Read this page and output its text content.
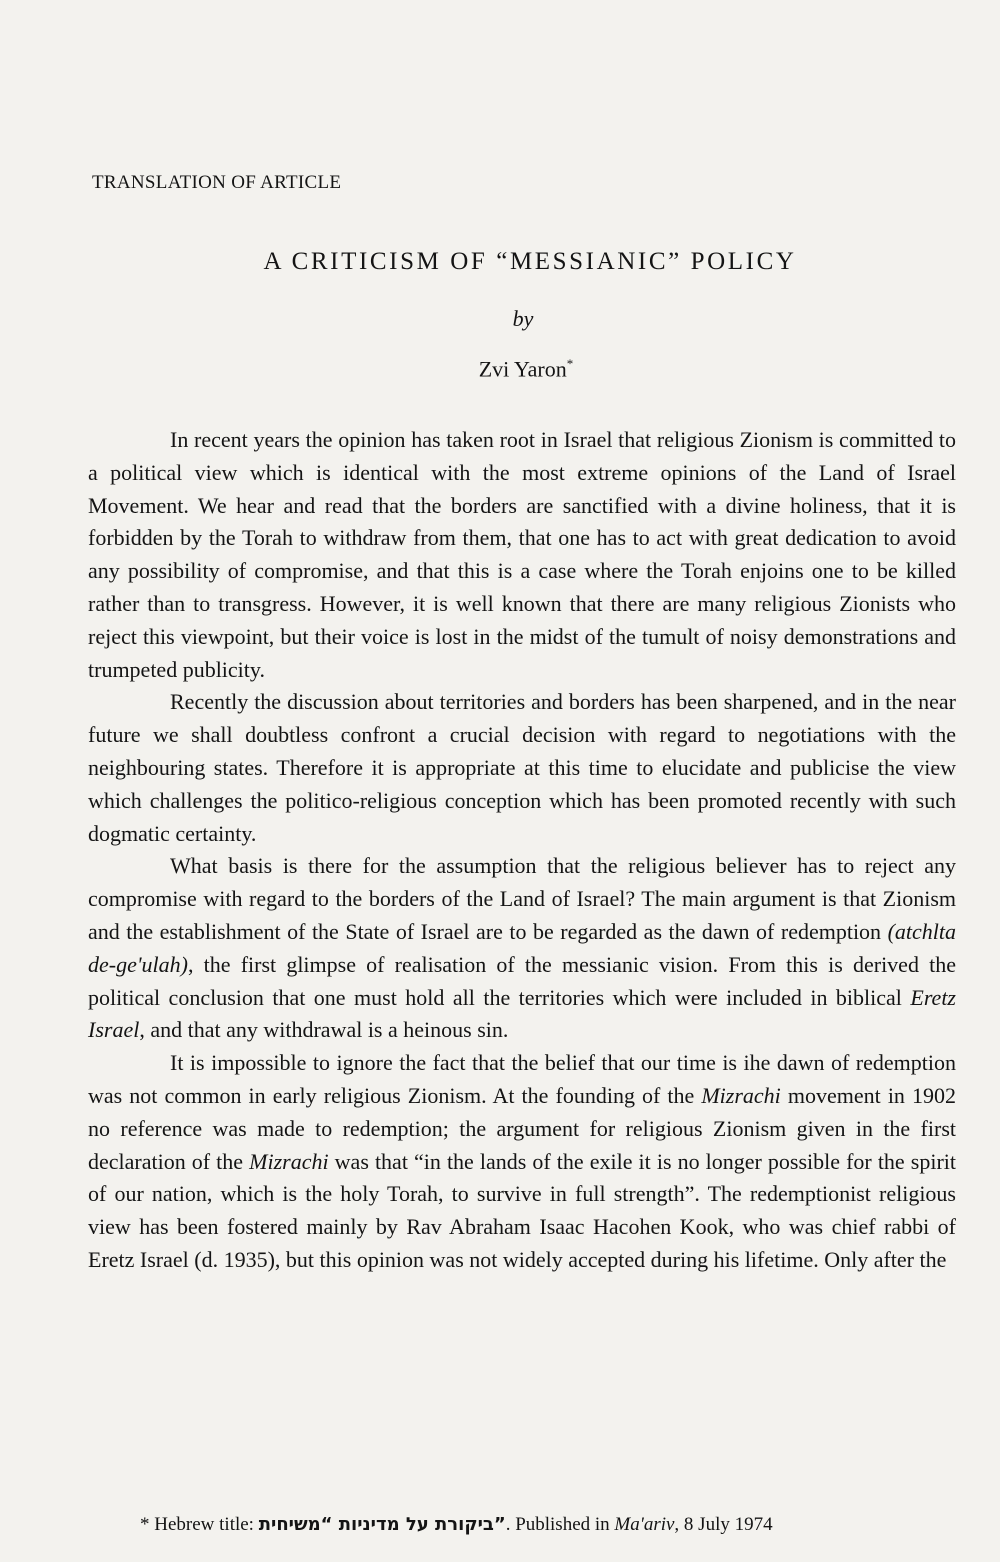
TRANSLATION OF ARTICLE
A CRITICISM OF “MESSIANIC” POLICY
by
Zvi Yaron*

In recent years the opinion has taken root in Israel that religious Zionism is committed to a political view which is identical with the most extreme opinions of the Land of Israel Movement. We hear and read that the borders are sanctified with a divine holiness, that it is forbidden by the Torah to withdraw from them, that one has to act with great dedication to avoid any possibility of compromise, and that this is a case where the Torah enjoins one to be killed rather than to transgress. However, it is well known that there are many religious Zionists who reject this viewpoint, but their voice is lost in the midst of the tumult of noisy demonstrations and trumpeted publicity.

Recently the discussion about territories and borders has been sharpened, and in the near future we shall doubtless confront a crucial decision with regard to negotiations with the neighbouring states. Therefore it is appropriate at this time to elucidate and publicise the view which challenges the politico-religious conception which has been promoted recently with such dogmatic certainty.

What basis is there for the assumption that the religious believer has to reject any compromise with regard to the borders of the Land of Israel? The main argument is that Zionism and the establishment of the State of Israel are to be regarded as the dawn of redemption (atchlta de-ge'ulah), the first glimpse of realisation of the messianic vision. From this is derived the political conclusion that one must hold all the territories which were included in biblical Eretz Israel, and that any withdrawal is a heinous sin.

It is impossible to ignore the fact that the belief that our time is ihe dawn of redemption was not common in early religious Zionism. At the founding of the Mizrachi movement in 1902 no reference was made to redemption; the argument for religious Zionism given in the first declaration of the Mizrachi was that “in the lands of the exile it is no longer possible for the spirit of our nation, which is the holy Torah, to survive in full strength”. The redemptionist religious view has been fostered mainly by Rav Abraham Isaac Hacohen Kook, who was chief rabbi of Eretz Israel (d. 1935), but this opinion was not widely accepted during his lifetime. Only after the

* Hebrew title: ”ביקורת על מדיניות “משיחית. Published in Ma'ariv, 8 July 1974
